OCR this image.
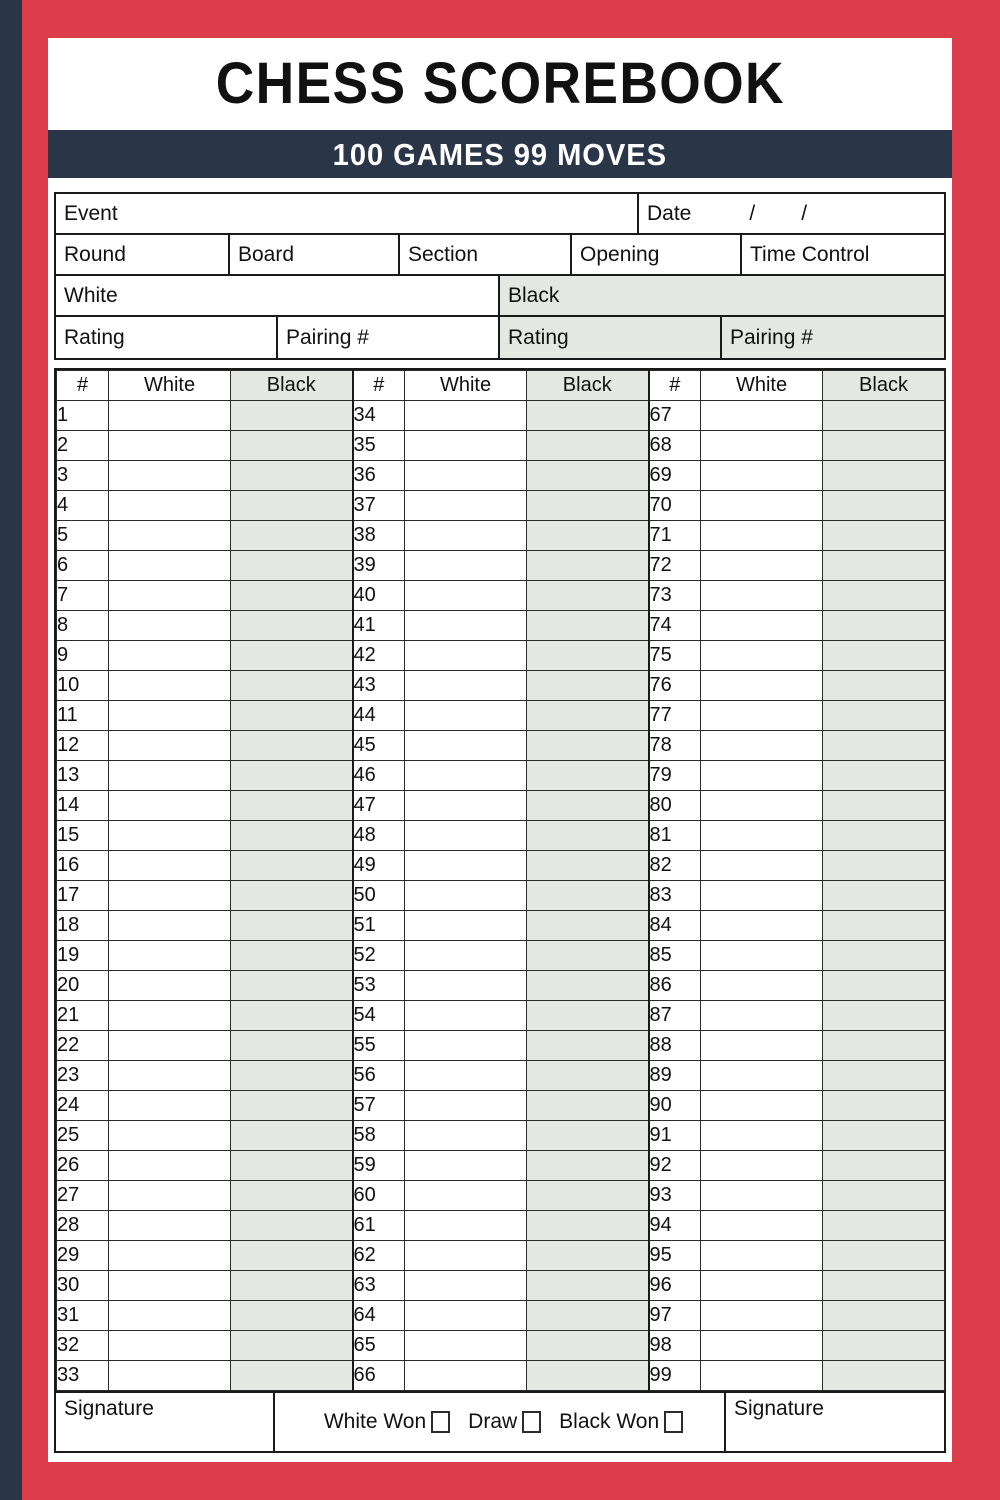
CHESS SCOREBOOK
100 GAMES 99 MOVES
Event	Date	//
Round	Board	Section	Opening	Time Control
White	Black
Rating	Pairing #	Rating	Pairing #
#	White	Black	#	White	Black	#	White	Black
1			34			67		
2			35			68		
3			36			69		
4			37			70		
5			38			71		
6			39			72		
7			40			73		
8			41			74		
9			42			75		
10			43			76		
11			44			77		
12			45			78		
13			46			79		
14			47			80		
15			48			81		
16			49			82		
17			50			83		
18			51			84		
19			52			85		
20			53			86		
21			54			87		
22			55			88		
23			56			89		
24			57			90		
25			58			91		
26			59			92		
27			60			93		
28			61			94		
29			62			95		
30			63			96		
31			64			97		
32			65			98		
33			66			99		
Signature
White Won Draw Black Won
Signature
